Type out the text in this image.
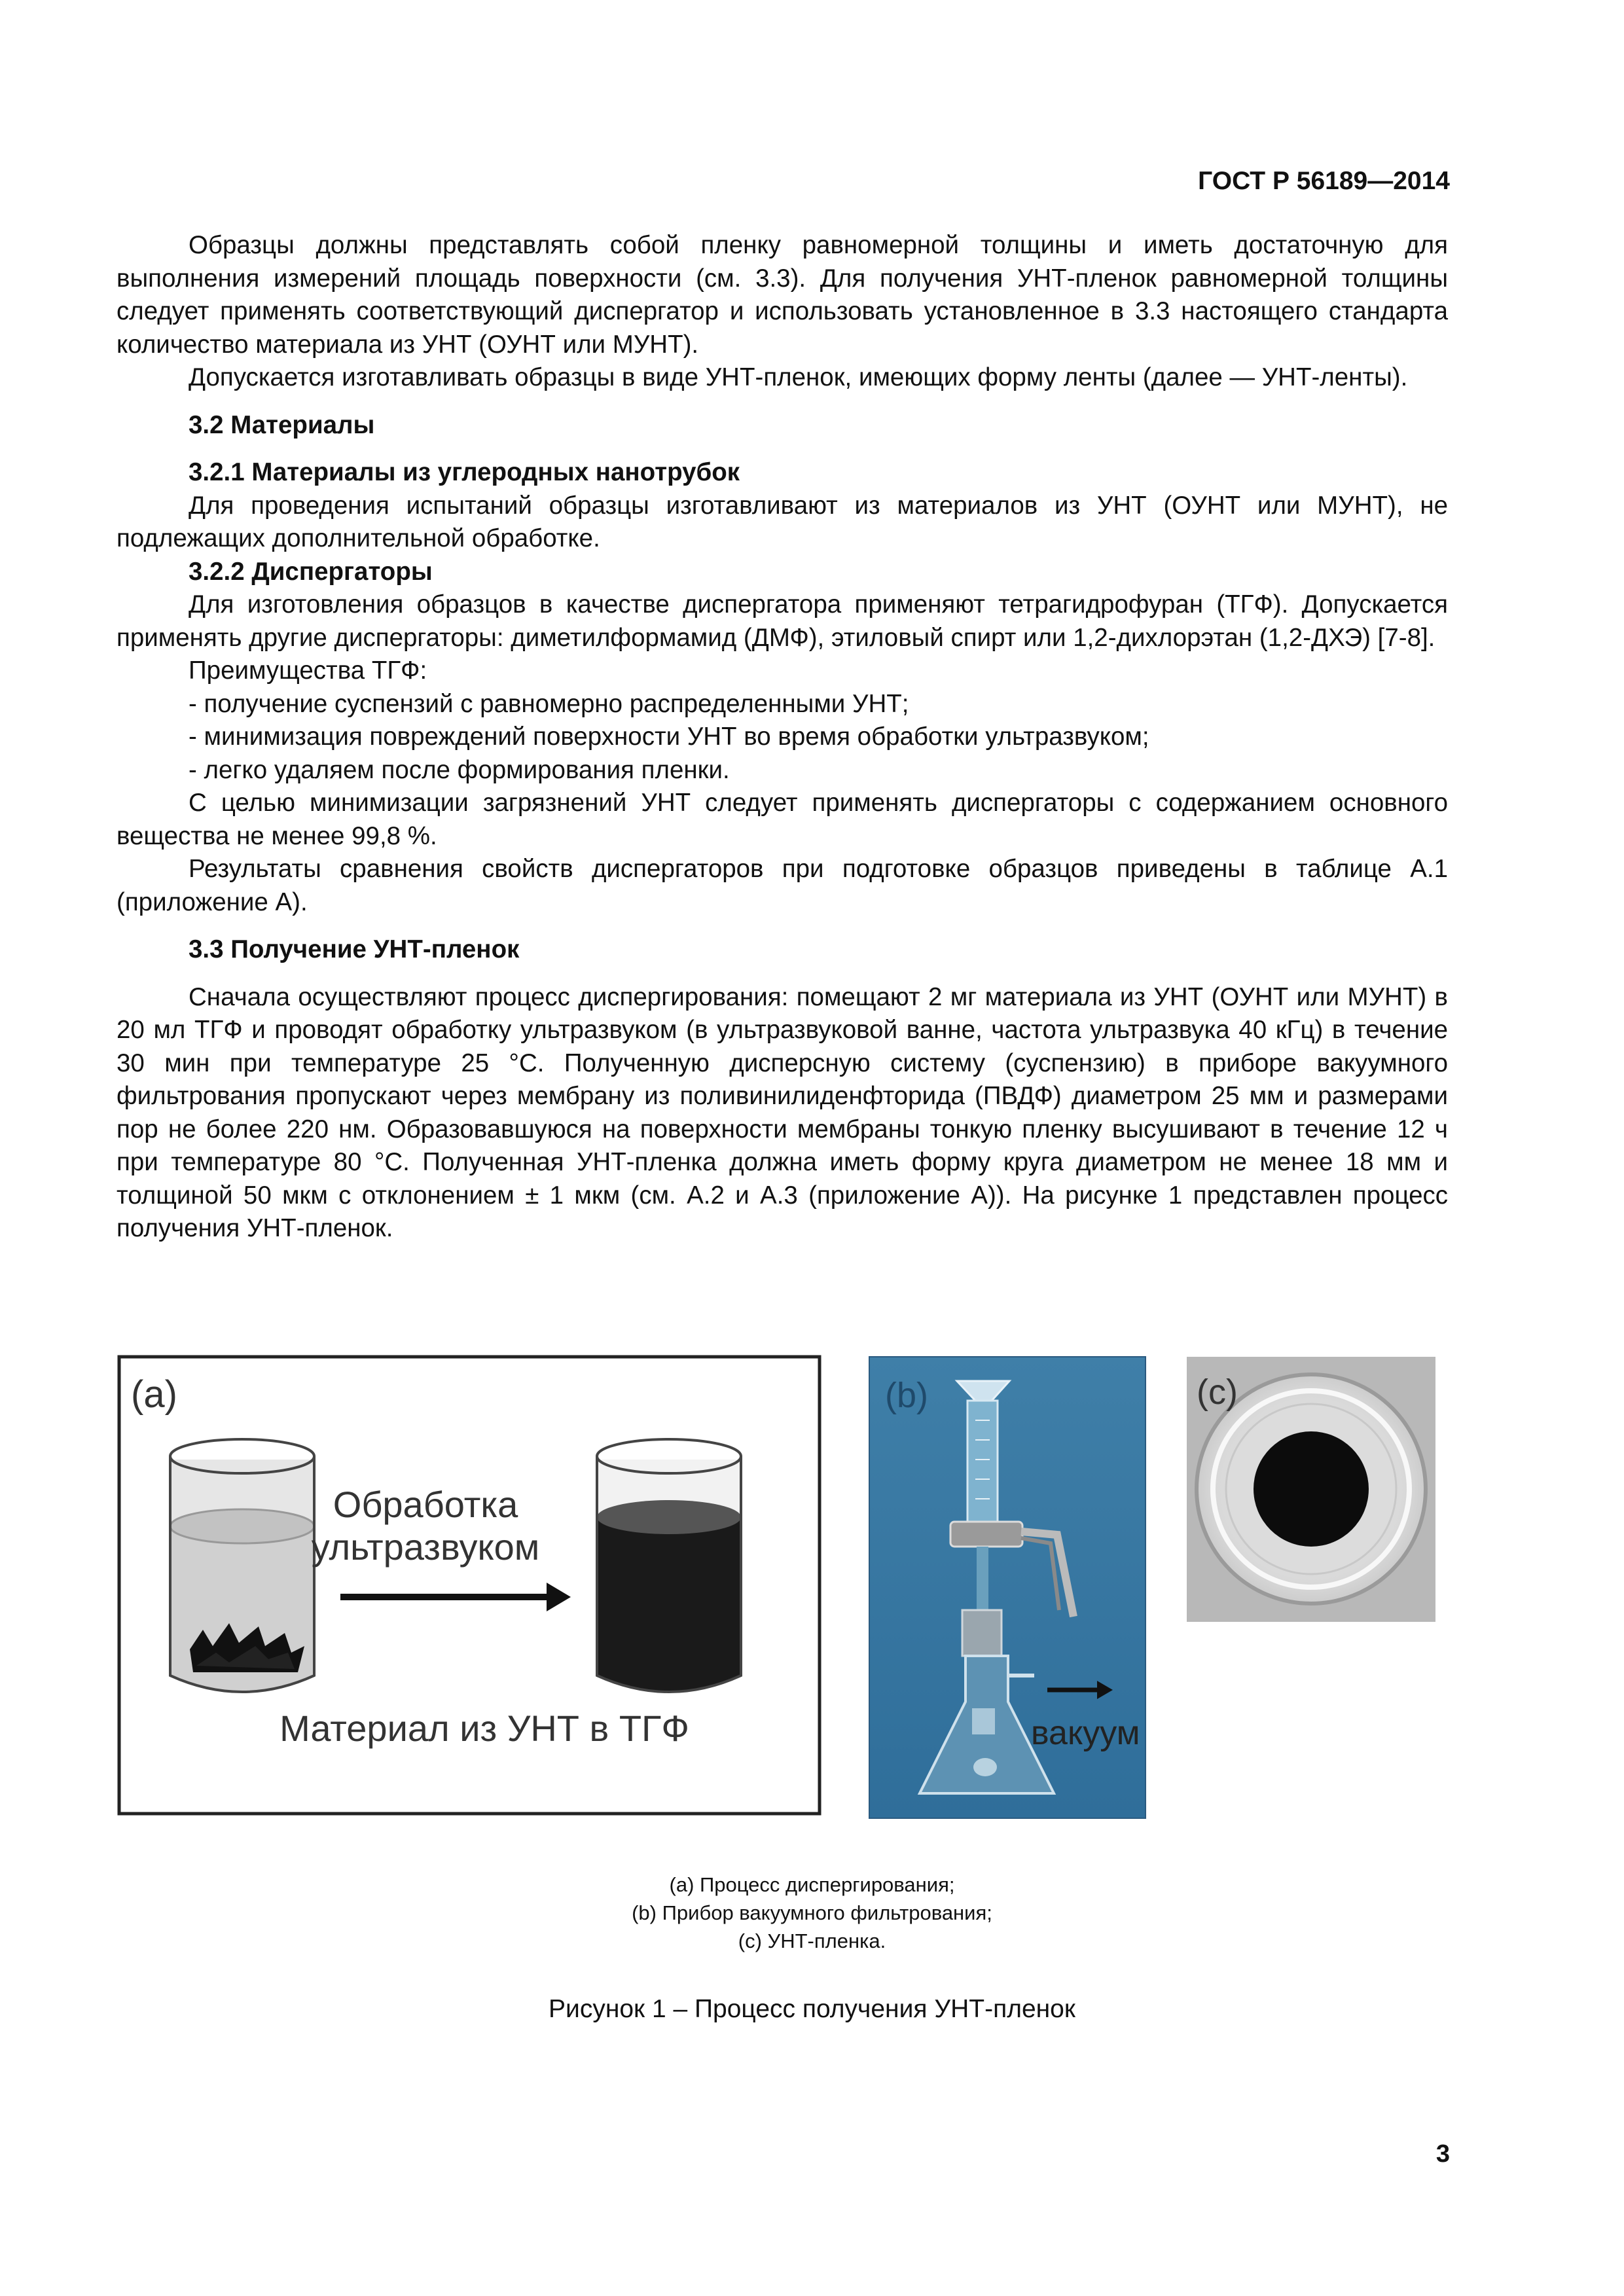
ГОСТ Р 56189—2014

Образцы должны представлять собой пленку равномерной толщины и иметь достаточную для выполнения измерений площадь поверхности (см. 3.3). Для получения УНТ-пленок равномерной толщины следует применять соответствующий диспергатор и использовать установленное в 3.3 настоящего стандарта количество материала из УНТ (ОУНТ или МУНТ).

Допускается изготавливать образцы в виде УНТ-пленок, имеющих форму ленты (далее — УНТ-ленты).

3.2 Материалы
3.2.1 Материалы из углеродных нанотрубок

Для проведения испытаний образцы изготавливают из материалов из УНТ (ОУНТ или МУНТ), не подлежащих дополнительной обработке.

3.2.2 Диспергаторы

Для изготовления образцов в качестве диспергатора применяют тетрагидрофуран (ТГФ). Допускается применять другие диспергаторы: диметилформамид (ДМФ), этиловый спирт или 1,2-дихлорэтан (1,2-ДХЭ) [7-8].

Преимущества ТГФ:

- получение суспензий с равномерно распределенными УНТ;
- минимизация повреждений поверхности УНТ во время обработки ультразвуком;
- легко удаляем после формирования пленки.

С целью минимизации загрязнений УНТ следует применять диспергаторы с содержанием основного вещества не менее 99,8 %.

Результаты сравнения свойств диспергаторов при подготовке образцов приведены в таблице А.1 (приложение А).

3.3 Получение УНТ-пленок

Сначала осуществляют процесс диспергирования: помещают 2 мг материала из УНТ (ОУНТ или МУНТ) в 20 мл ТГФ и проводят обработку ультразвуком (в ультразвуковой ванне, частота ультразвука 40 кГц) в течение 30 мин при температуре 25 °С. Полученную дисперсную систему (суспензию) в приборе вакуумного фильтрования пропускают через мембрану из поливинилиденфторида (ПВДФ) диаметром 25 мм и размерами пор не более 220 нм. Образовавшуюся на поверхности мембраны тонкую пленку высушивают в течение 12 ч при температуре 80 °С. Полученная УНТ-пленка должна иметь форму круга диаметром не менее 18 мм и толщиной 50 мкм с отклонением ± 1 мкм (см. А.2 и А.3 (приложение А)). На рисунке 1 представлен процесс получения УНТ-пленок.

(a)
Обработка
ультразвуком
Материал из УНТ в ТГФ
(b)
вакуум
(c)
(a) Процесс диспергирования;
(b) Прибор вакуумного фильтрования;
(c) УНТ-пленка.
Рисунок 1 – Процесс получения УНТ-пленок
3
